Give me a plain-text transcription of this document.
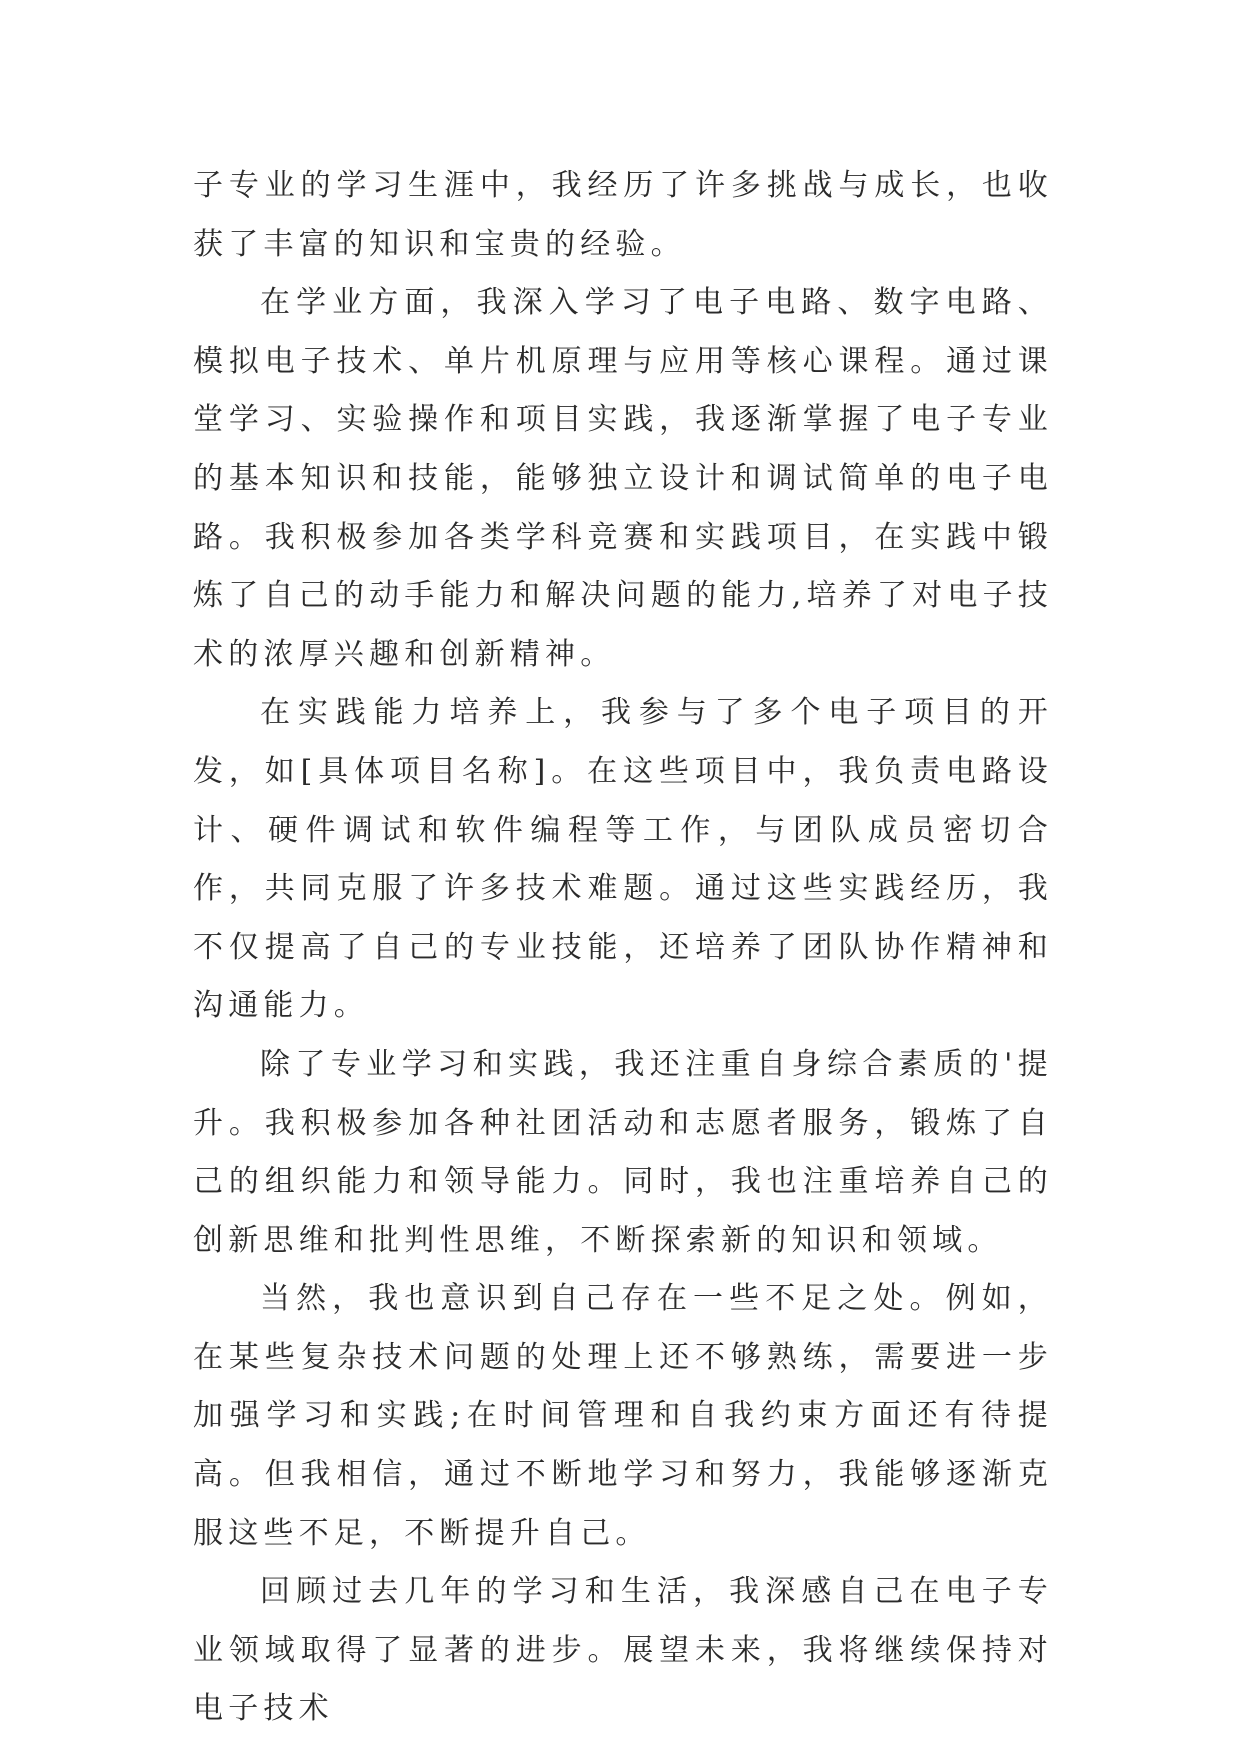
子专业的学习生涯中，我经历了许多挑战与成长，也收获了丰富的知识和宝贵的经验。

在学业方面，我深入学习了电子电路、数字电路、模拟电子技术、单片机原理与应用等核心课程。通过课堂学习、实验操作和项目实践，我逐渐掌握了电子专业的基本知识和技能，能够独立设计和调试简单的电子电路。我积极参加各类学科竞赛和实践项目，在实践中锻炼了自己的动手能力和解决问题的能力,培养了对电子技术的浓厚兴趣和创新精神。

在实践能力培养上，我参与了多个电子项目的开发，如[具体项目名称]。在这些项目中，我负责电路设计、硬件调试和软件编程等工作，与团队成员密切合作，共同克服了许多技术难题。通过这些实践经历，我不仅提高了自己的专业技能，还培养了团队协作精神和沟通能力。

除了专业学习和实践，我还注重自身综合素质的'提升。我积极参加各种社团活动和志愿者服务，锻炼了自己的组织能力和领导能力。同时，我也注重培养自己的创新思维和批判性思维，不断探索新的知识和领域。

当然，我也意识到自己存在一些不足之处。例如，在某些复杂技术问题的处理上还不够熟练，需要进一步加强学习和实践;在时间管理和自我约束方面还有待提高。但我相信，通过不断地学习和努力，我能够逐渐克服这些不足，不断提升自己。

回顾过去几年的学习和生活，我深感自己在电子专业领域取得了显著的进步。展望未来，我将继续保持对电子技术
